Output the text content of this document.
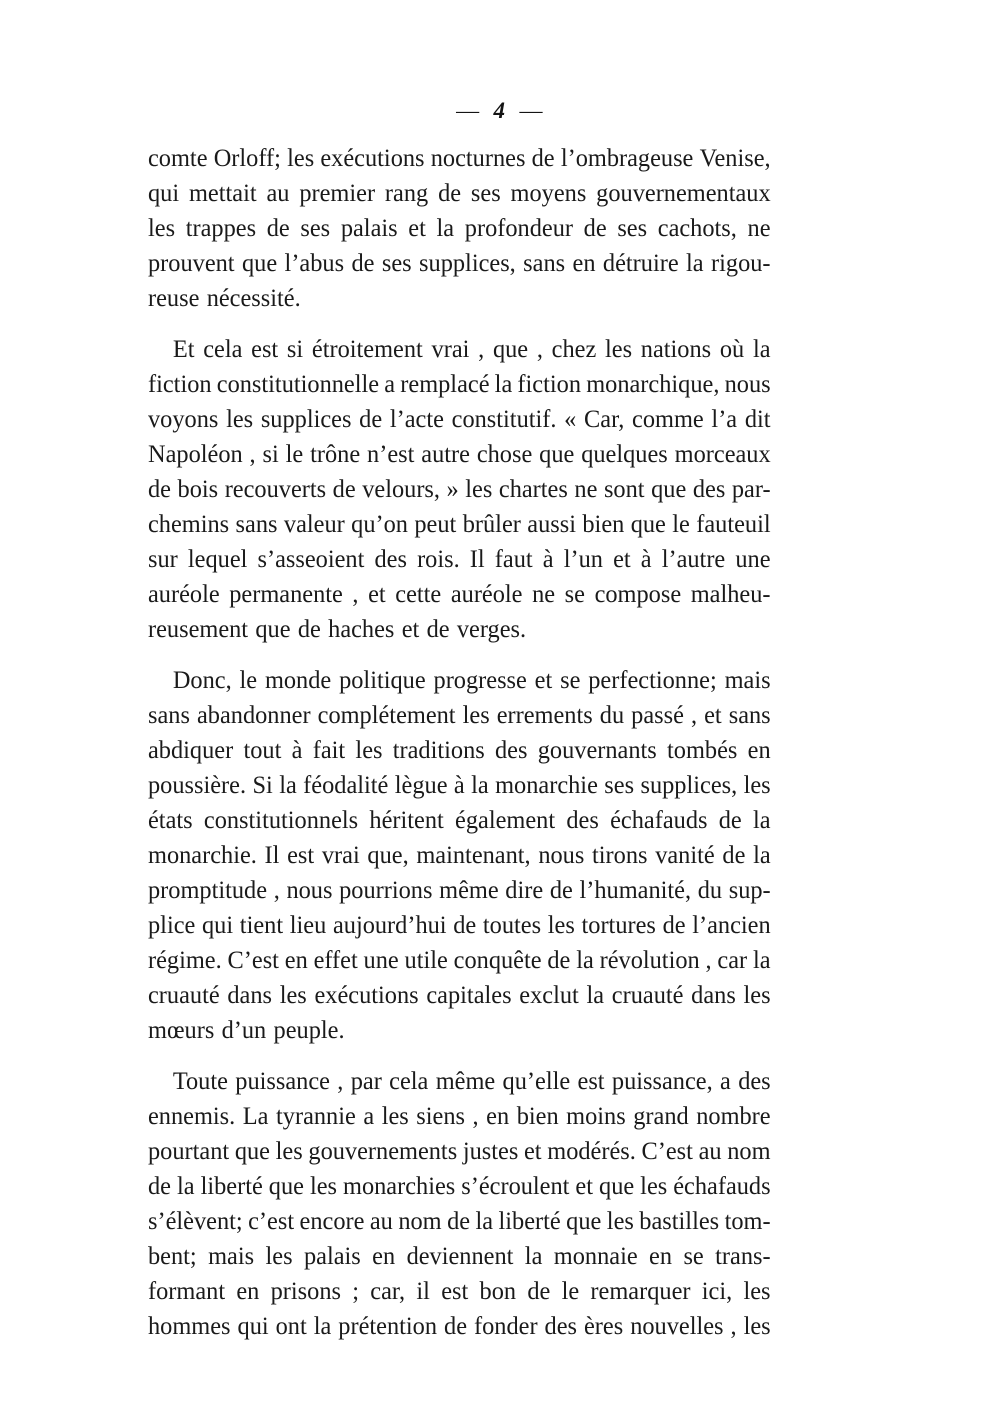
— 4 —
comte Orloff; les exécutions nocturnes de l’ombrageuse Venise,
qui mettait au premier rang de ses moyens gouvernementaux
les trappes de ses palais et la profondeur de ses cachots, ne
prouvent que l’abus de ses supplices, sans en détruire la rigou-
reuse nécessité.
Et cela est si étroitement vrai , que , chez les nations où la
fiction constitutionnelle a remplacé la fiction monarchique, nous
voyons les supplices de l’acte constitutif. « Car, comme l’a dit
Napoléon , si le trône n’est autre chose que quelques morceaux
de bois recouverts de velours, » les chartes ne sont que des par-
chemins sans valeur qu’on peut brûler aussi bien que le fauteuil
sur lequel s’asseoient des rois. Il faut à l’un et à l’autre une
auréole permanente , et cette auréole ne se compose malheu-
reusement que de haches et de verges.
Donc, le monde politique progresse et se perfectionne; mais
sans abandonner complétement les errements du passé , et sans
abdiquer tout à fait les traditions des gouvernants tombés en
poussière. Si la féodalité lègue à la monarchie ses supplices, les
états constitutionnels héritent également des échafauds de la
monarchie. Il est vrai que, maintenant, nous tirons vanité de la
promptitude , nous pourrions même dire de l’humanité, du sup-
plice qui tient lieu aujourd’hui de toutes les tortures de l’ancien
régime. C’est en effet une utile conquête de la révolution , car la
cruauté dans les exécutions capitales exclut la cruauté dans les
mœurs d’un peuple.
Toute puissance , par cela même qu’elle est puissance, a des
ennemis. La tyrannie a les siens , en bien moins grand nombre
pourtant que les gouvernements justes et modérés. C’est au nom
de la liberté que les monarchies s’écroulent et que les échafauds
s’élèvent; c’est encore au nom de la liberté que les bastilles tom-
bent; mais les palais en deviennent la monnaie en se trans-
formant en prisons ; car, il est bon de le remarquer ici, les
hommes qui ont la prétention de fonder des ères nouvelles , les
